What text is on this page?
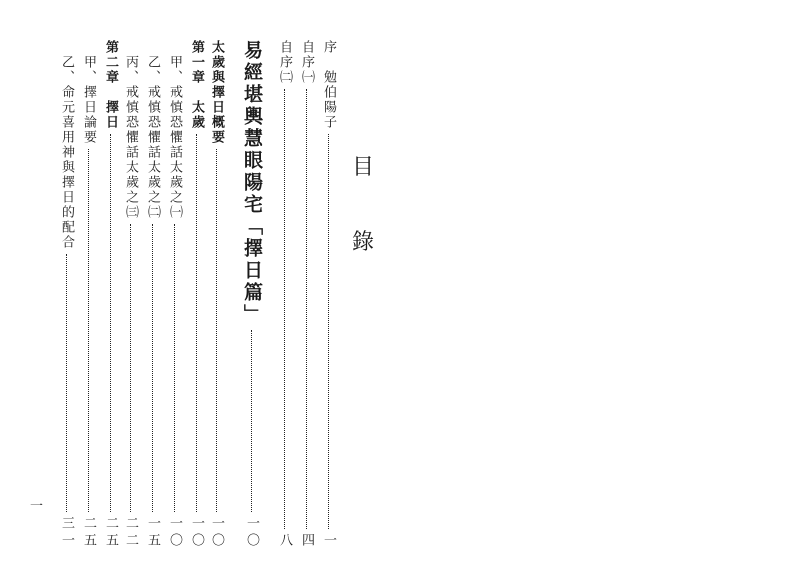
目
錄
序　勉伯陽子
一
自序㈠
四
自序㈡
八
易經堪輿慧眼陽宅「擇日篇」
一〇
太歲與擇日概要
一〇
第一章　太歲
一〇
　甲、戒慎恐懼話太歲之㈠
一〇
　乙、戒慎恐懼話太歲之㈡
一五
　丙、戒慎恐懼話太歲之㈢
二二
第二章　擇日
二五
　甲、擇日論要
二五
　乙、命元喜用神與擇日的配合
三一
一
